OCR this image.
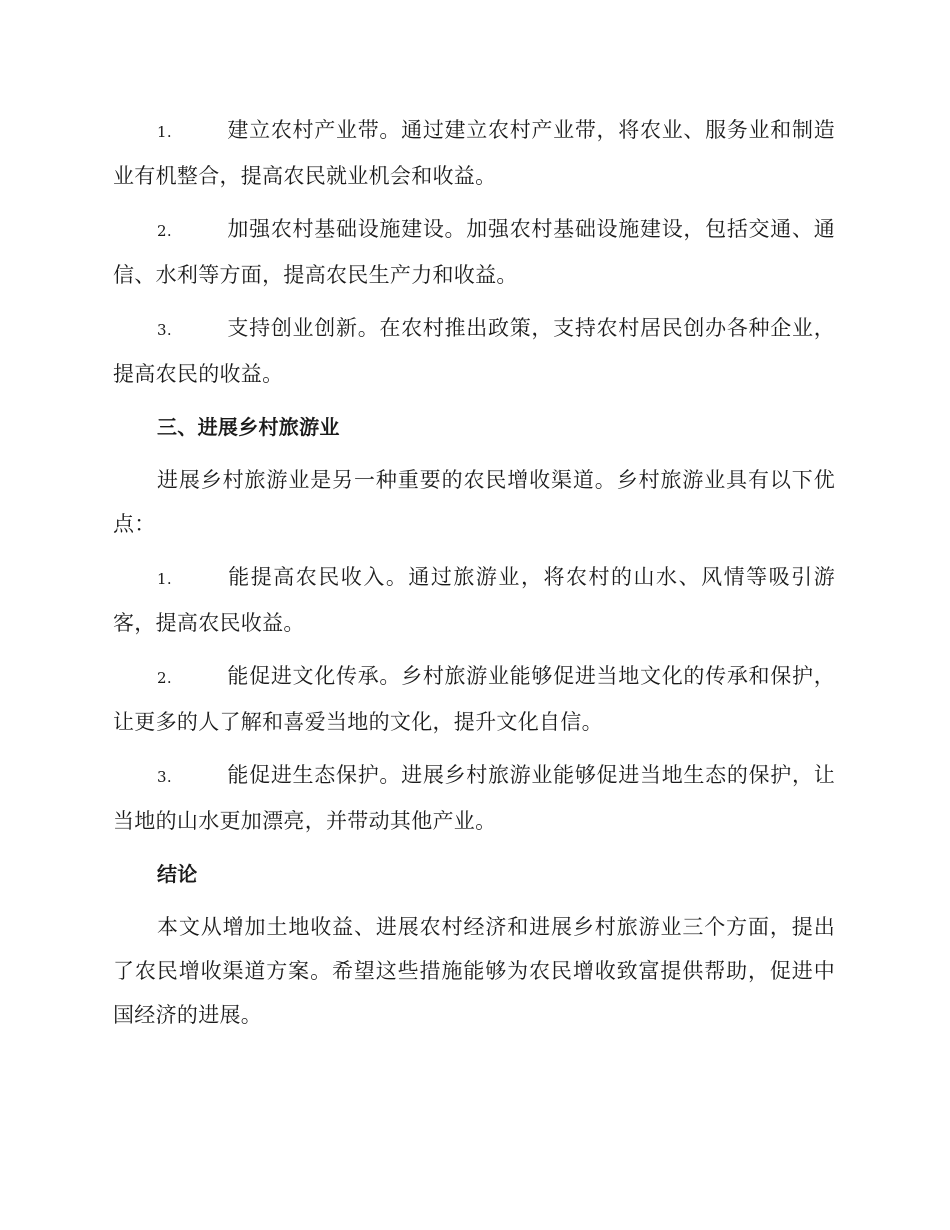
1.	建立农村产业带。通过建立农村产业带，将农业、服务业和制造业有机整合，提高农民就业机会和收益。

2.	加强农村基础设施建设。加强农村基础设施建设，包括交通、通信、水利等方面，提高农民生产力和收益。

3.	支持创业创新。在农村推出政策，支持农村居民创办各种企业，提高农民的收益。

三、进展乡村旅游业

进展乡村旅游业是另一种重要的农民增收渠道。乡村旅游业具有以下优点：

1.	能提高农民收入。通过旅游业，将农村的山水、风情等吸引游客，提高农民收益。

2.	能促进文化传承。乡村旅游业能够促进当地文化的传承和保护，让更多的人了解和喜爱当地的文化，提升文化自信。

3.	能促进生态保护。进展乡村旅游业能够促进当地生态的保护，让当地的山水更加漂亮，并带动其他产业。

结论

本文从增加土地收益、进展农村经济和进展乡村旅游业三个方面，提出了农民增收渠道方案。希望这些措施能够为农民增收致富提供帮助，促进中国经济的进展。
